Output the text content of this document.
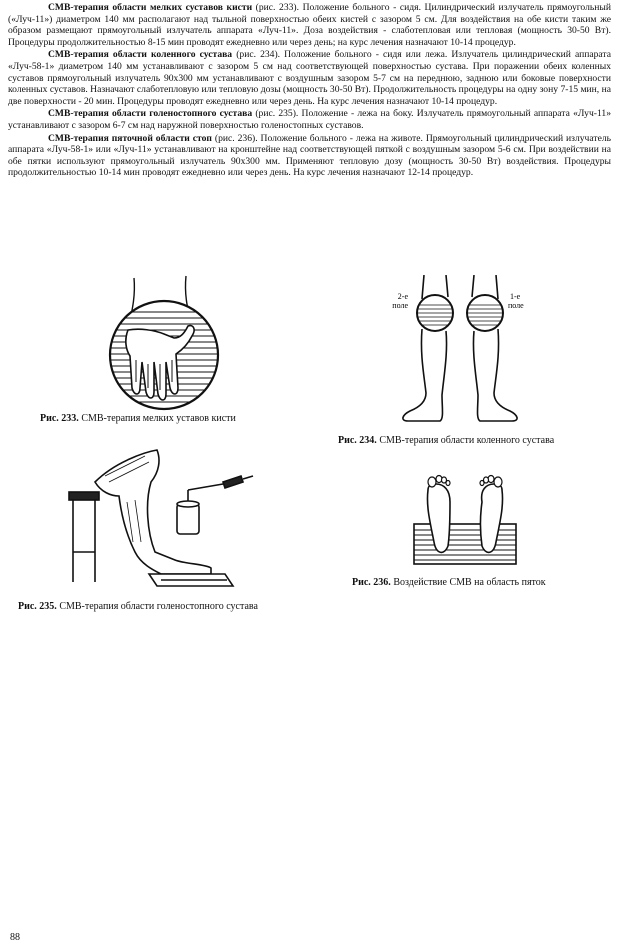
СМВ-терапия области мелких суставов кисти (рис. 233). Положение больного - сидя. Цилиндрический излучатель прямоугольный («Луч-11») диаметром 140 мм располагают над тыльной поверхностью обеих кистей с зазором 5 см. Для воздействия на обе кисти таким же образом размещают прямоугольный излучатель аппарата «Луч-11». Доза воздействия - слаботепловая или тепловая (мощность 30-50 Вт). Процедуры продолжительностью 8-15 мин проводят ежедневно или через день; на курс лечения назначают 10-14 процедур.

СМВ-терапия области коленного сустава (рис. 234). Положение больного - сидя или лежа. Излучатель цилиндрический аппарата «Луч-58-1» диаметром 140 мм устанавливают с зазором 5 см над соответствующей поверхностью сустава. При поражении обеих коленных суставов прямоугольный излучатель 90x300 мм устанавливают с воздушным зазором 5-7 см на переднюю, заднюю или боковые поверхности коленных суставов. Назначают слаботепловую или тепловую дозы (мощность 30-50 Вт). Продолжительность процедуры на одну зону 7-15 мин, на две поверхности - 20 мин. Процедуры проводят ежедневно или через день. На курс лечения назначают 10-14 процедур.

СМВ-терапия области голеностопного сустава (рис. 235). Положение - лежа на боку. Излучатель прямоугольный аппарата «Луч-11» устанавливают с зазором 6-7 см над наружной поверхностью голеностопных суставов.

СМВ-терапия пяточной области стоп (рис. 236). Положение больного - лежа на животе. Прямоугольный цилиндрический излучатель аппарата «Луч-58-1» или «Луч-11» устанавливают на кронштейне над соответствующей пяткой с воздушным зазором 5-6 см. При воздействии на обе пятки используют прямоугольный излучатель 90x300 мм. Применяют тепловую дозу (мощность 30-50 Вт) воздействия. Процедуры продолжительностью 10-14 мин проводят ежедневно или через день. На курс лечения назначают 12-14 процедур.

Рис. 233. СМВ-терапия мелких уставов кисти
2-е
поле
1-е
поле
Рис. 234. СМВ-терапия области коленного сустава
Рис. 235. СМВ-терапия области голеностопного сустава
Рис. 236. Воздействие СМВ на область пяток
88
